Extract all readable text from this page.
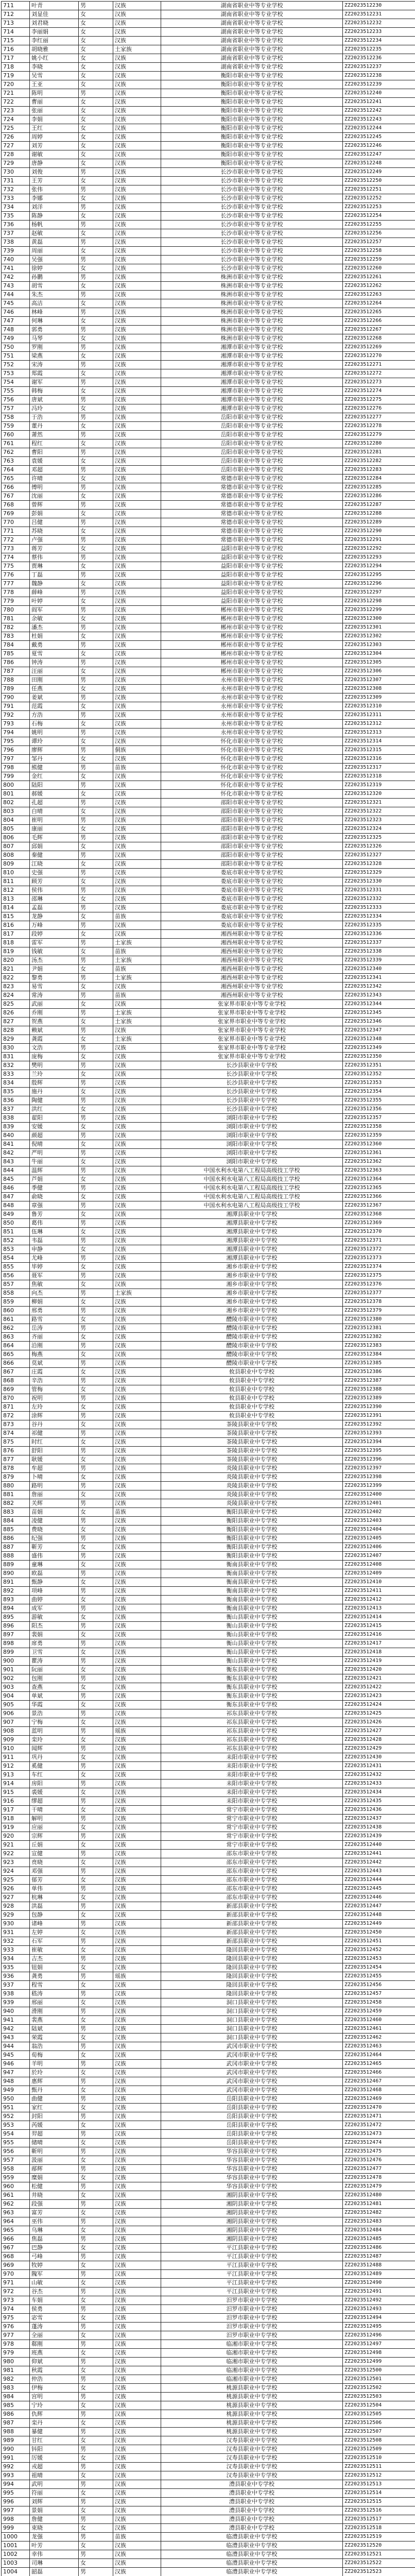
711	叶青	男	汉族	湖南省职业中等专业学校	ZZ2023512230
712	刘显佳	女	汉族	湖南省职业中等专业学校	ZZ2023512231
713	刘君晓	女	汉族	湖南省职业中等专业学校	ZZ2023512232
714	李丽娟	女	汉族	湖南省职业中等专业学校	ZZ2023512233
715	李红丽	女	汉族	湖南省职业中等专业学校	ZZ2023512234
716	胡晓雅	女	土家族	湖南省职业中等专业学校	ZZ2023512235
717	姚小红	女	汉族	湖南省职业中等专业学校	ZZ2023512236
718	李晓	女	汉族	湖南省职业中等专业学校	ZZ2023512237
719	吴雪	女	汉族	衡阳市职业中等专业学校	ZZ2023512238
720	王亚	女	汉族	衡阳市职业中等专业学校	ZZ2023512239
721	陈明	男	汉族	衡阳市职业中等专业学校	ZZ2023512240
722	曹丽	女	汉族	衡阳市职业中等专业学校	ZZ2023512241
723	张丽	女	汉族	衡阳市职业中等专业学校	ZZ2023512242
724	李娟	女	汉族	衡阳市职业中等专业学校	ZZ2023512243
725	王红	女	汉族	衡阳市职业中等专业学校	ZZ2023512244
726	周婷	女	汉族	衡阳市职业中等专业学校	ZZ2023512245
727	刘芳	女	汉族	衡阳市职业中等专业学校	ZZ2023512246
728	谢敏	女	汉族	衡阳市职业中等专业学校	ZZ2023512247
729	唐静	女	汉族	衡阳市职业中等专业学校	ZZ2023512248
730	刘俊	男	汉族	长沙市职业中等专业学校	ZZ2023512249
731	王芳	女	汉族	长沙市职业中等专业学校	ZZ2023512250
732	张伟	男	汉族	长沙市职业中等专业学校	ZZ2023512251
733	李娜	女	汉族	长沙市职业中等专业学校	ZZ2023512252
734	刘洋	男	汉族	长沙市职业中等专业学校	ZZ2023512253
735	陈静	女	汉族	长沙市职业中等专业学校	ZZ2023512254
736	杨帆	男	汉族	长沙市职业中等专业学校	ZZ2023512255
737	赵敏	女	汉族	长沙市职业中等专业学校	ZZ2023512256
738	黄磊	男	汉族	长沙市职业中等专业学校	ZZ2023512257
739	周丽	女	汉族	长沙市职业中等专业学校	ZZ2023512258
740	吴强	男	汉族	长沙市职业中等专业学校	ZZ2023512259
741	徐婷	女	汉族	长沙市职业中等专业学校	ZZ2023512260
742	孙鹏	男	汉族	株洲市职业中等专业学校	ZZ2023512261
743	胡雪	女	汉族	株洲市职业中等专业学校	ZZ2023512262
744	朱杰	男	汉族	株洲市职业中等专业学校	ZZ2023512263
745	高洁	女	汉族	株洲市职业中等专业学校	ZZ2023512264
746	林峰	男	汉族	株洲市职业中等专业学校	ZZ2023512265
747	何琳	女	汉族	株洲市职业中等专业学校	ZZ2023512266
748	郭勇	男	汉族	株洲市职业中等专业学校	ZZ2023512267
749	马琴	女	汉族	株洲市职业中等专业学校	ZZ2023512268
750	罗刚	男	汉族	湘潭市职业中等专业学校	ZZ2023512269
751	梁燕	女	汉族	湘潭市职业中等专业学校	ZZ2023512270
752	宋涛	男	汉族	湘潭市职业中等专业学校	ZZ2023512271
753	郑霞	女	汉族	湘潭市职业中等专业学校	ZZ2023512272
754	谢军	男	汉族	湘潭市职业中等专业学校	ZZ2023512273
755	韩梅	女	汉族	湘潭市职业中等专业学校	ZZ2023512274
756	唐斌	男	汉族	湘潭市职业中等专业学校	ZZ2023512275
757	冯玲	女	汉族	湘潭市职业中等专业学校	ZZ2023512276
758	于浩	男	汉族	岳阳市职业中等专业学校	ZZ2023512277
759	董丹	女	汉族	岳阳市职业中等专业学校	ZZ2023512278
760	萧然	男	汉族	岳阳市职业中等专业学校	ZZ2023512279
761	程红	女	汉族	岳阳市职业中等专业学校	ZZ2023512280
762	曹阳	男	汉族	岳阳市职业中等专业学校	ZZ2023512281
763	袁媛	女	汉族	岳阳市职业中等专业学校	ZZ2023512282
764	邓超	男	汉族	岳阳市职业中等专业学校	ZZ2023512283
765	许晴	女	汉族	常德市职业中等专业学校	ZZ2023512284
766	傅明	男	汉族	常德市职业中等专业学校	ZZ2023512285
767	沈丽	女	汉族	常德市职业中等专业学校	ZZ2023512286
768	曾辉	男	汉族	常德市职业中等专业学校	ZZ2023512287
769	彭娟	女	汉族	常德市职业中等专业学校	ZZ2023512288
770	吕健	男	汉族	常德市职业中等专业学校	ZZ2023512289
771	苏晓	女	汉族	常德市职业中等专业学校	ZZ2023512290
772	卢强	男	汉族	常德市职业中等专业学校	ZZ2023512291
773	蒋芳	女	汉族	益阳市职业中等专业学校	ZZ2023512292
774	蔡伟	男	汉族	益阳市职业中等专业学校	ZZ2023512293
775	贾琳	女	汉族	益阳市职业中等专业学校	ZZ2023512294
776	丁磊	男	汉族	益阳市职业中等专业学校	ZZ2023512295
777	魏静	女	汉族	益阳市职业中等专业学校	ZZ2023512296
778	薛峰	男	汉族	益阳市职业中等专业学校	ZZ2023512297
779	叶婷	女	汉族	益阳市职业中等专业学校	ZZ2023512298
780	阎军	男	汉族	郴州市职业中等专业学校	ZZ2023512299
781	余敏	女	汉族	郴州市职业中等专业学校	ZZ2023512300
782	潘杰	男	汉族	郴州市职业中等专业学校	ZZ2023512301
783	杜娟	女	汉族	郴州市职业中等专业学校	ZZ2023512302
784	戴勇	男	汉族	郴州市职业中等专业学校	ZZ2023512303
785	夏雪	女	汉族	郴州市职业中等专业学校	ZZ2023512304
786	钟涛	男	汉族	郴州市职业中等专业学校	ZZ2023512305
787	汪丽	女	汉族	郴州市职业中等专业学校	ZZ2023512306
788	田刚	男	汉族	永州市职业中等专业学校	ZZ2023512307
789	任燕	女	汉族	永州市职业中等专业学校	ZZ2023512308
790	姜斌	男	汉族	永州市职业中等专业学校	ZZ2023512309
791	范霞	女	汉族	永州市职业中等专业学校	ZZ2023512310
792	方浩	男	汉族	永州市职业中等专业学校	ZZ2023512311
793	石梅	女	汉族	永州市职业中等专业学校	ZZ2023512312
794	姚明	男	汉族	永州市职业中等专业学校	ZZ2023512313
795	谭玲	女	汉族	怀化市职业中等专业学校	ZZ2023512314
796	廖辉	男	侗族	怀化市职业中等专业学校	ZZ2023512315
797	邹丹	女	汉族	怀化市职业中等专业学校	ZZ2023512316
798	熊健	男	苗族	怀化市职业中等专业学校	ZZ2023512317
799	金红	女	汉族	怀化市职业中等专业学校	ZZ2023512318
800	陆阳	男	汉族	怀化市职业中等专业学校	ZZ2023512319
801	郝媛	女	汉族	怀化市职业中等专业学校	ZZ2023512320
802	孔超	男	汉族	邵阳市职业中等专业学校	ZZ2023512321
803	白晴	女	汉族	邵阳市职业中等专业学校	ZZ2023512322
804	崔明	男	汉族	邵阳市职业中等专业学校	ZZ2023512323
805	康丽	女	汉族	邵阳市职业中等专业学校	ZZ2023512324
806	毛辉	男	汉族	邵阳市职业中等专业学校	ZZ2023512325
807	邱娟	女	汉族	邵阳市职业中等专业学校	ZZ2023512326
808	秦健	男	汉族	邵阳市职业中等专业学校	ZZ2023512327
809	江晓	女	汉族	邵阳市职业中等专业学校	ZZ2023512328
810	史强	男	汉族	娄底市职业中等专业学校	ZZ2023512329
811	顾芳	女	汉族	娄底市职业中等专业学校	ZZ2023512330
812	侯伟	男	汉族	娄底市职业中等专业学校	ZZ2023512331
813	邵琳	女	汉族	娄底市职业中等专业学校	ZZ2023512332
814	孟磊	男	汉族	娄底市职业中等专业学校	ZZ2023512333
815	龙静	女	苗族	娄底市职业中等专业学校	ZZ2023512334
816	万峰	男	汉族	娄底市职业中等专业学校	ZZ2023512335
817	段婷	女	汉族	湘西州职业中等专业学校	ZZ2023512336
818	雷军	男	土家族	湘西州职业中等专业学校	ZZ2023512337
819	钱敏	女	苗族	湘西州职业中等专业学校	ZZ2023512338
820	汤杰	男	土家族	湘西州职业中等专业学校	ZZ2023512339
821	尹娟	女	苗族	湘西州职业中等专业学校	ZZ2023512340
822	黎勇	男	土家族	湘西州职业中等专业学校	ZZ2023512341
823	易雪	女	汉族	湘西州职业中等专业学校	ZZ2023512342
824	常涛	男	苗族	湘西州职业中等专业学校	ZZ2023512343
825	武丽	女	汉族	张家界市职业中等专业学校	ZZ2023512344
826	乔刚	男	土家族	张家界市职业中等专业学校	ZZ2023512345
827	贺燕	女	土家族	张家界市职业中等专业学校	ZZ2023512346
828	赖斌	男	汉族	张家界市职业中等专业学校	ZZ2023512347
829	龚霞	女	土家族	张家界市职业中等专业学校	ZZ2023512348
830	文浩	男	汉族	张家界市职业中等专业学校	ZZ2023512349
831	庞梅	女	汉族	张家界市职业中等专业学校	ZZ2023512350
832	樊明	男	汉族	长沙县职业中专学校	ZZ2023512351
833	兰玲	女	汉族	长沙县职业中专学校	ZZ2023512352
834	殷辉	男	汉族	长沙县职业中专学校	ZZ2023512353
835	施丹	女	汉族	长沙县职业中专学校	ZZ2023512354
836	陶健	男	汉族	长沙县职业中专学校	ZZ2023512355
837	洪红	女	汉族	长沙县职业中专学校	ZZ2023512356
838	翟阳	男	汉族	浏阳市职业中专学校	ZZ2023512357
839	安媛	女	汉族	浏阳市职业中专学校	ZZ2023512358
840	颜超	男	汉族	浏阳市职业中专学校	ZZ2023512359
841	倪晴	女	汉族	浏阳市职业中专学校	ZZ2023512360
842	严明	男	汉族	浏阳市职业中专学校	ZZ2023512361
843	牛丽	女	汉族	浏阳市职业中专学校	ZZ2023512362
844	温辉	男	汉族	中国水利水电第八工程局高级技工学校	ZZ2023512363
845	芦娟	女	汉族	中国水利水电第八工程局高级技工学校	ZZ2023512364
846	季健	男	汉族	中国水利水电第八工程局高级技工学校	ZZ2023512365
847	俞晓	女	汉族	中国水利水电第八工程局高级技工学校	ZZ2023512366
848	章强	男	汉族	中国水利水电第八工程局高级技工学校	ZZ2023512367
849	鲁芳	女	汉族	湘潭县职业中专学校	ZZ2023512368
850	葛伟	男	汉族	湘潭县职业中专学校	ZZ2023512369
851	伍琳	女	汉族	湘潭县职业中专学校	ZZ2023512370
852	韦磊	男	汉族	湘潭县职业中专学校	ZZ2023512371
853	申静	女	汉族	湘潭县职业中专学校	ZZ2023512372
854	尤峰	男	汉族	湘潭县职业中专学校	ZZ2023512373
855	毕婷	女	汉族	湘乡市职业中专学校	ZZ2023512374
856	聂军	男	汉族	湘乡市职业中专学校	ZZ2023512375
857	焦敏	女	汉族	湘乡市职业中专学校	ZZ2023512376
858	向杰	男	土家族	湘乡市职业中专学校	ZZ2023512377
859	柳娟	女	汉族	湘乡市职业中专学校	ZZ2023512378
860	邢勇	男	汉族	湘乡市职业中专学校	ZZ2023512379
861	路雪	女	汉族	醴陵市职业中专学校	ZZ2023512380
862	岳涛	男	汉族	醴陵市职业中专学校	ZZ2023512381
863	齐丽	女	汉族	醴陵市职业中专学校	ZZ2023512382
864	沿刚	男	汉族	醴陵市职业中专学校	ZZ2023512383
865	梅燕	女	汉族	醴陵市职业中专学校	ZZ2023512384
866	莫斌	男	汉族	醴陵市职业中专学校	ZZ2023512385
867	庄霞	女	汉族	攸县职业中专学校	ZZ2023512386
868	辛浩	男	汉族	攸县职业中专学校	ZZ2023512387
869	管梅	女	汉族	攸县职业中专学校	ZZ2023512388
870	祝明	男	汉族	攸县职业中专学校	ZZ2023512389
871	左玲	女	汉族	攸县职业中专学校	ZZ2023512390
872	涂辉	男	汉族	攸县职业中专学校	ZZ2023512391
873	谷丹	女	汉族	茶陵县职业中专学校	ZZ2023512392
874	祁健	男	汉族	茶陵县职业中专学校	ZZ2023512393
875	时红	女	汉族	茶陵县职业中专学校	ZZ2023512394
876	舒阳	男	汉族	茶陵县职业中专学校	ZZ2023512395
877	耿媛	女	汉族	茶陵县职业中专学校	ZZ2023512396
878	牟超	男	汉族	炎陵县职业中专学校	ZZ2023512397
879	卜晴	女	汉族	炎陵县职业中专学校	ZZ2023512398
880	路明	男	汉族	炎陵县职业中专学校	ZZ2023512399
881	詹丽	女	汉族	炎陵县职业中专学校	ZZ2023512400
882	关辉	男	汉族	炎陵县职业中专学校	ZZ2023512401
883	苗娟	女	苗族	衡阳县职业中专学校	ZZ2023512402
884	凌健	男	汉族	衡阳县职业中专学校	ZZ2023512403
885	费晓	女	汉族	衡阳县职业中专学校	ZZ2023512404
886	纪强	男	汉族	衡阳县职业中专学校	ZZ2023512405
887	靳芳	女	汉族	衡阳县职业中专学校	ZZ2023512406
888	盛伟	男	汉族	衡阳县职业中专学校	ZZ2023512407
889	童琳	女	汉族	衡南县职业中专学校	ZZ2023512408
890	欧磊	男	汉族	衡南县职业中专学校	ZZ2023512409
891	甄静	女	汉族	衡南县职业中专学校	ZZ2023512410
892	项峰	男	汉族	衡南县职业中专学校	ZZ2023512411
893	曲婷	女	汉族	衡南县职业中专学校	ZZ2023512412
894	成军	男	汉族	衡南县职业中专学校	ZZ2023512413
895	游敏	女	汉族	衡山县职业中专学校	ZZ2023512414
896	阳杰	男	汉族	衡山县职业中专学校	ZZ2023512415
897	裴娟	女	汉族	衡山县职业中专学校	ZZ2023512416
898	席勇	男	汉族	衡山县职业中专学校	ZZ2023512417
899	卫雪	女	汉族	衡山县职业中专学校	ZZ2023512418
900	瞿涛	男	汉族	衡山县职业中专学校	ZZ2023512419
901	阮丽	女	汉族	衡东县职业中专学校	ZZ2023512420
902	包刚	男	汉族	衡东县职业中专学校	ZZ2023512421
903	查燕	女	汉族	衡东县职业中专学校	ZZ2023512422
904	单斌	男	汉族	衡东县职业中专学校	ZZ2023512423
905	华霞	女	汉族	衡东县职业中专学校	ZZ2023512424
906	景浩	男	汉族	祁东县职业中专学校	ZZ2023512425
907	宁梅	女	汉族	祁东县职业中专学校	ZZ2023512426
908	蓝明	男	瑶族	祁东县职业中专学校	ZZ2023512427
909	栾玲	女	汉族	祁东县职业中专学校	ZZ2023512428
910	闻辉	男	汉族	祁东县职业中专学校	ZZ2023512429
911	巩丹	女	汉族	耒阳市职业中专学校	ZZ2023512430
912	奚健	男	汉族	耒阳市职业中专学校	ZZ2023512431
913	车红	女	汉族	耒阳市职业中专学校	ZZ2023512432
914	房阳	男	汉族	耒阳市职业中专学校	ZZ2023512433
915	裘媛	女	汉族	耒阳市职业中专学校	ZZ2023512434
916	缪超	男	汉族	耒阳市职业中专学校	ZZ2023512435
917	干晴	女	汉族	常宁市职业中专学校	ZZ2023512436
918	解明	男	汉族	常宁市职业中专学校	ZZ2023512437
919	应丽	女	汉族	常宁市职业中专学校	ZZ2023512438
920	宗辉	男	汉族	常宁市职业中专学校	ZZ2023512439
921	丘娟	女	汉族	常宁市职业中专学校	ZZ2023512440
922	宣健	男	汉族	邵东市职业中专学校	ZZ2023512441
923	贲晓	女	汉族	邵东市职业中专学校	ZZ2023512442
924	邓强	男	汉族	邵东市职业中专学校	ZZ2023512443
925	郁芳	女	汉族	邵东市职业中专学校	ZZ2023512444
926	单伟	男	汉族	邵东市职业中专学校	ZZ2023512445
927	杭琳	女	汉族	邵东市职业中专学校	ZZ2023512446
928	洪磊	男	汉族	新邵县职业中专学校	ZZ2023512447
929	包静	女	汉族	新邵县职业中专学校	ZZ2023512448
930	诸峰	男	汉族	新邵县职业中专学校	ZZ2023512449
931	左婷	女	汉族	新邵县职业中专学校	ZZ2023512450
932	石军	男	汉族	新邵县职业中专学校	ZZ2023512451
933	崔敏	女	汉族	隆回县职业中专学校	ZZ2023512452
934	吉杰	男	汉族	隆回县职业中专学校	ZZ2023512453
935	钮娟	女	汉族	隆回县职业中专学校	ZZ2023512454
936	龚勇	男	瑶族	隆回县职业中专学校	ZZ2023512455
937	程雪	女	汉族	隆回县职业中专学校	ZZ2023512456
938	嵇涛	男	汉族	隆回县职业中专学校	ZZ2023512457
939	邢丽	女	汉族	洞口县职业中专学校	ZZ2023512458
940	滑刚	男	汉族	洞口县职业中专学校	ZZ2023512459
941	裴燕	女	汉族	洞口县职业中专学校	ZZ2023512460
942	陆斌	男	汉族	洞口县职业中专学校	ZZ2023512461
943	荣霞	女	汉族	洞口县职业中专学校	ZZ2023512462
944	翁浩	男	汉族	武冈市职业中专学校	ZZ2023512463
945	荀梅	女	汉族	武冈市职业中专学校	ZZ2023512464
946	羊明	男	汉族	武冈市职业中专学校	ZZ2023512465
947	於玲	女	汉族	武冈市职业中专学校	ZZ2023512466
948	惠辉	男	汉族	武冈市职业中专学校	ZZ2023512467
949	甄丹	女	汉族	武冈市职业中专学校	ZZ2023512468
950	曲健	男	汉族	岳阳县职业中专学校	ZZ2023512469
951	家红	女	汉族	岳阳县职业中专学校	ZZ2023512470
952	封阳	男	汉族	岳阳县职业中专学校	ZZ2023512471
953	芮媛	女	汉族	岳阳县职业中专学校	ZZ2023512472
954	羿超	男	汉族	岳阳县职业中专学校	ZZ2023512473
955	储晴	女	汉族	岳阳县职业中专学校	ZZ2023512474
956	靳明	男	汉族	华容县职业中专学校	ZZ2023512475
957	汲丽	女	汉族	华容县职业中专学校	ZZ2023512476
958	邴辉	男	汉族	华容县职业中专学校	ZZ2023512477
959	糜娟	女	汉族	华容县职业中专学校	ZZ2023512478
960	松健	男	汉族	华容县职业中专学校	ZZ2023512479
961	井晓	女	汉族	湘阴县职业中专学校	ZZ2023512480
962	段强	男	汉族	湘阴县职业中专学校	ZZ2023512481
963	富芳	女	汉族	湘阴县职业中专学校	ZZ2023512482
964	巫伟	男	汉族	湘阴县职业中专学校	ZZ2023512483
965	乌琳	女	汉族	湘阴县职业中专学校	ZZ2023512484
966	焦磊	男	汉族	湘阴县职业中专学校	ZZ2023512485
967	巴静	女	汉族	平江县职业中专学校	ZZ2023512486
968	弓峰	男	汉族	平江县职业中专学校	ZZ2023512487
969	牧婷	女	汉族	平江县职业中专学校	ZZ2023512488
970	隗军	男	汉族	平江县职业中专学校	ZZ2023512489
971	山敏	女	汉族	平江县职业中专学校	ZZ2023512490
972	谷杰	男	汉族	平江县职业中专学校	ZZ2023512491
973	车娟	女	汉族	汨罗市职业中专学校	ZZ2023512492
974	侯勇	男	汉族	汨罗市职业中专学校	ZZ2023512493
975	宓雪	女	汉族	汨罗市职业中专学校	ZZ2023512494
976	蓬涛	男	汉族	汨罗市职业中专学校	ZZ2023512495
977	全丽	女	汉族	汨罗市职业中专学校	ZZ2023512496
978	郗刚	男	汉族	临湘市职业中专学校	ZZ2023512497
979	班燕	女	汉族	临湘市职业中专学校	ZZ2023512498
980	仰斌	男	汉族	临湘市职业中专学校	ZZ2023512499
981	秋霞	女	汉族	临湘市职业中专学校	ZZ2023512500
982	仲浩	男	汉族	临湘市职业中专学校	ZZ2023512501
983	伊梅	女	汉族	桃源县职业中专学校	ZZ2023512502
984	宫明	男	汉族	桃源县职业中专学校	ZZ2023512503
985	宁玲	女	汉族	桃源县职业中专学校	ZZ2023512504
986	仇辉	男	汉族	桃源县职业中专学校	ZZ2023512505
987	栾丹	女	汉族	桃源县职业中专学校	ZZ2023512506
988	暴健	男	汉族	桃源县职业中专学校	ZZ2023512507
989	甘红	女	汉族	汉寿县职业中专学校	ZZ2023512508
990	钭阳	男	汉族	汉寿县职业中专学校	ZZ2023512509
991	厉媛	女	汉族	汉寿县职业中专学校	ZZ2023512510
992	戎超	男	汉族	汉寿县职业中专学校	ZZ2023512511
993	祖晴	女	汉族	汉寿县职业中专学校	ZZ2023512512
994	武明	男	汉族	澧县职业中专学校	ZZ2023512513
995	符丽	女	汉族	澧县职业中专学校	ZZ2023512514
996	刘辉	男	汉族	澧县职业中专学校	ZZ2023512515
997	景娟	女	汉族	澧县职业中专学校	ZZ2023512516
998	詹健	男	汉族	澧县职业中专学校	ZZ2023512517
999	束晓	女	汉族	澧县职业中专学校	ZZ2023512518
1000	龙强	男	苗族	临澧县职业中专学校	ZZ2023512519
1001	叶芳	女	汉族	临澧县职业中专学校	ZZ2023512520
1002	幸伟	男	汉族	临澧县职业中专学校	ZZ2023512521
1003	司琳	女	汉族	临澧县职业中专学校	ZZ2023512522
1004	韶磊	男	汉族	临澧县职业中专学校	ZZ2023512523
